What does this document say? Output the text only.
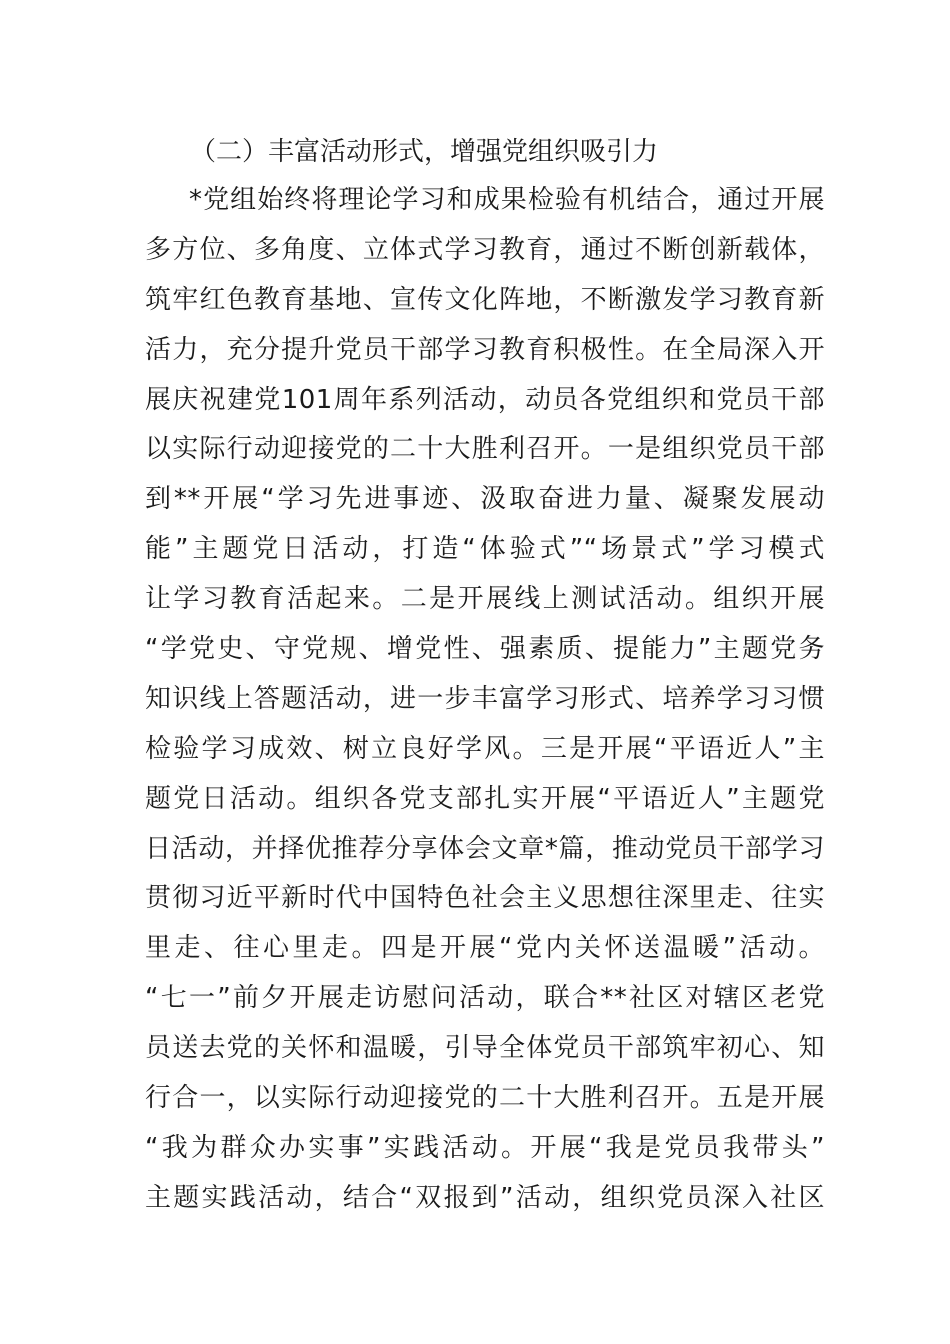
（二）丰富活动形式，增强党组织吸引力
*党组始终将理论学习和成果检验有机结合，通过开展
多方位、多角度、立体式学习教育，通过不断创新载体，
筑牢红色教育基地、宣传文化阵地，不断激发学习教育新
活力，充分提升党员干部学习教育积极性。在全局深入开
展庆祝建党101周年系列活动，动员各党组织和党员干部
以实际行动迎接党的二十大胜利召开。一是组织党员干部
到**开展“学习先进事迹、汲取奋进力量、凝聚发展动
能”主题党日活动，打造“体验式”“场景式”学习模式
让学习教育活起来。二是开展线上测试活动。组织开展
“学党史、守党规、增党性、强素质、提能力”主题党务
知识线上答题活动，进一步丰富学习形式、培养学习习惯
检验学习成效、树立良好学风。三是开展“平语近人”主
题党日活动。组织各党支部扎实开展“平语近人”主题党
日活动，并择优推荐分享体会文章*篇，推动党员干部学习
贯彻习近平新时代中国特色社会主义思想往深里走、往实
里走、往心里走。四是开展“党内关怀送温暖”活动。
“七一”前夕开展走访慰问活动，联合**社区对辖区老党
员送去党的关怀和温暖，引导全体党员干部筑牢初心、知
行合一，以实际行动迎接党的二十大胜利召开。五是开展
“我为群众办实事”实践活动。开展“我是党员我带头”
主题实践活动，结合“双报到”活动，组织党员深入社区
